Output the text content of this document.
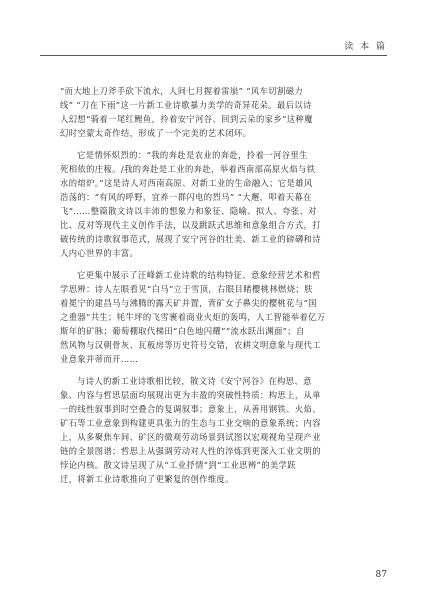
读 本 篇

“而大地上刀斧手砍下流水，人间七月握着雷崩” “风车切割磁力

线” “刀在下雨”这一片新工业诗歌暴力美学的奇异花朵。最后以诗

人幻想“骑着一尾红鲤鱼，拎着安宁河谷、回到云朵的家乡”这种魔

幻时空蒙太奇作结，形成了一个完美的艺术闭环。

它是情怀炽烈的：“我的奔赴是农业的奔赴，拎着一河谷里生

死相依的庄稼。/我的奔赴是工业的奔赴，举着西南部高原火焰与铁

水的熔炉。”这是诗人对西南高原、对新工业的生命融入；它是雄风

浩荡的：“有风的呼野，宜养一群闪电的烈马” “大邂，叩着天幕在

飞”……整篇散文诗以丰沛的想象力和象征、隐喻、拟人、夸张、对

比、反对等现代主义创作手法，以及跳跃式思维和意象组合方式，打

破传统的诗歌叙事范式，展现了安宁河谷的壮美、新工业的磅礴和诗

人内心世界的丰富。

它更集中展示了汪峰新工业诗歌的结构特征、意象经营艺术和哲

学思辨：诗人左眼看见“白马”立于雪顶，右眼目睹樱桃林燃烧；肤

着冕宁的建昌马与沸腾的露天矿并置，背矿女子鼻尖的樱桃花与“国

之重器”共生；牦牛坪的飞雪裹着商业火炬的轰鸣，人工智能举着亿万

斯年的矿脉；葡萄棚取代梯田“白色地闪耀”“流水跃出渊面”；自

然风物与汉朝骨灰、瓦板房等历史符号交错，农耕文明意象与现代工

业意象并蒂而开……

与诗人的新工业诗歌相比较，散文诗《安宁河谷》在构思、意

象、内容与哲思层面均展现出更为丰盈的突破性特质：构思上，从单

一的线性叙事到时空叠合的复调叙事；意象上，从善用钢铁、火焰、

矿石等工业意象到构建更具张力的生态与工业交响的意象系统；内容

上，从多聚焦车间、矿区的微观劳动场景到试图以宏观视角呈现产业

链的全景图谱；哲思上从强调劳动对人性的淬炼到更深入工业文明的

悖论内核。散文诗呈现了从“工业抒情”到“工业思辨”的美学跃

迁，将新工业诗歌推向了更繁复的创作维度。

87
